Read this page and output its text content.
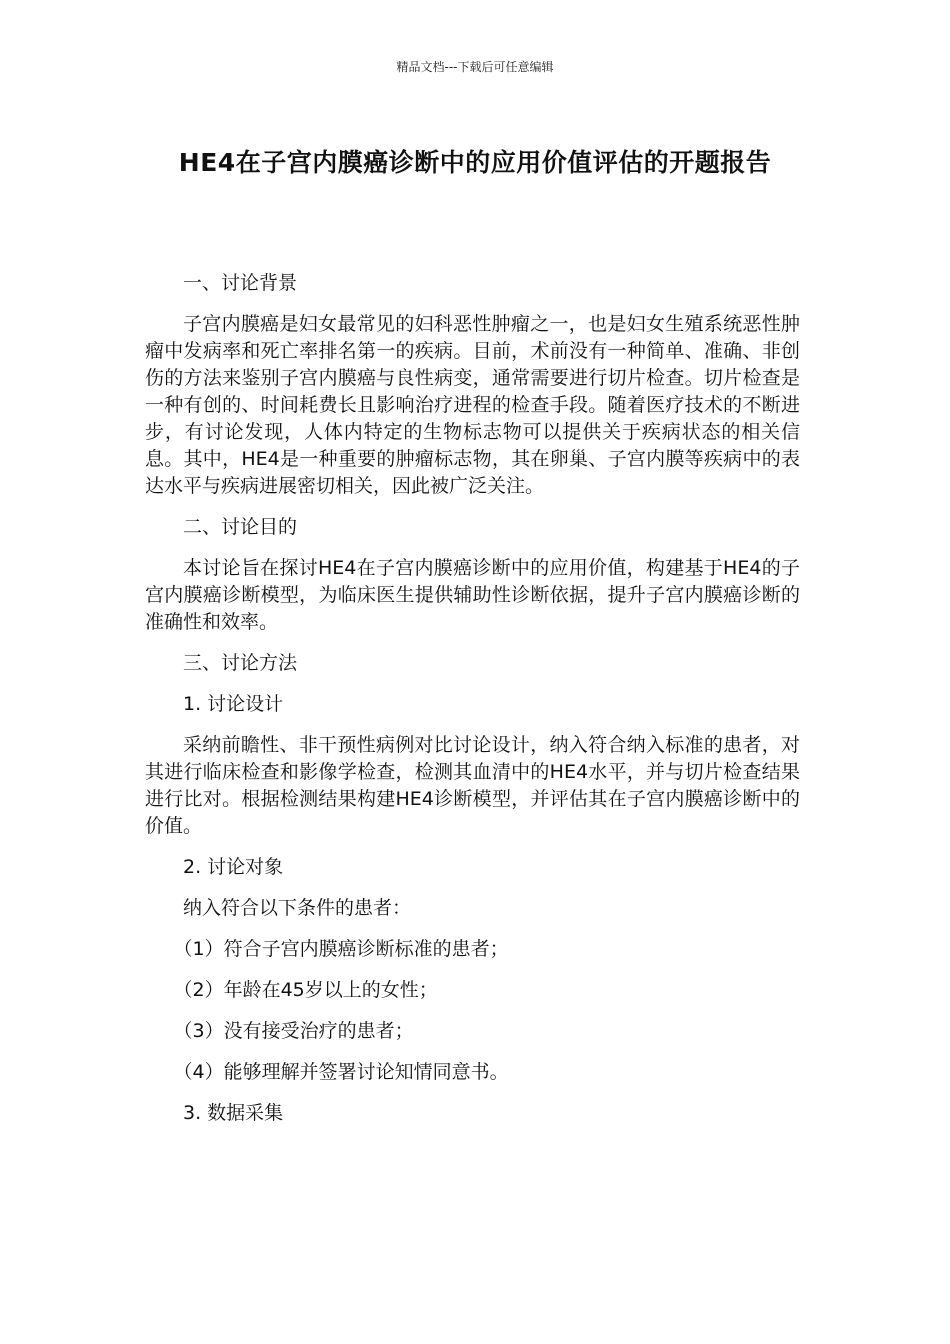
精品文档---下载后可任意编辑
HE4在子宫内膜癌诊断中的应用价值评估的开题报告

一、讨论背景

子宫内膜癌是妇女最常见的妇科恶性肿瘤之一，也是妇女生殖系统恶性肿瘤中发病率和死亡率排名第一的疾病。目前，术前没有一种简单、准确、非创伤的方法来鉴别子宫内膜癌与良性病变，通常需要进行切片检查。切片检查是一种有创的、时间耗费长且影响治疗进程的检查手段。随着医疗技术的不断进步，有讨论发现，人体内特定的生物标志物可以提供关于疾病状态的相关信息。其中，HE4是一种重要的肿瘤标志物，其在卵巢、子宫内膜等疾病中的表达水平与疾病进展密切相关，因此被广泛关注。

二、讨论目的

本讨论旨在探讨HE4在子宫内膜癌诊断中的应用价值，构建基于HE4的子宫内膜癌诊断模型，为临床医生提供辅助性诊断依据，提升子宫内膜癌诊断的准确性和效率。

三、讨论方法

1. 讨论设计

采纳前瞻性、非干预性病例对比讨论设计，纳入符合纳入标准的患者，对其进行临床检查和影像学检查，检测其血清中的HE4水平，并与切片检查结果进行比对。根据检测结果构建HE4诊断模型，并评估其在子宫内膜癌诊断中的价值。

2. 讨论对象

纳入符合以下条件的患者：

（1）符合子宫内膜癌诊断标准的患者；

（2）年龄在45岁以上的女性；

（3）没有接受治疗的患者；

（4）能够理解并签署讨论知情同意书。

3. 数据采集
